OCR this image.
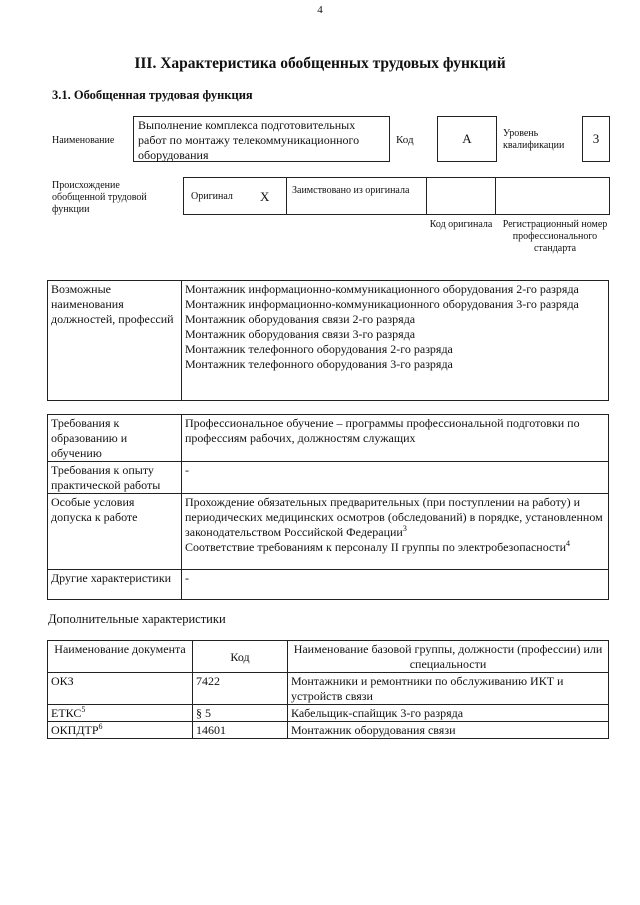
4
III. Характеристика обобщенных трудовых функций
3.1. Обобщенная трудовая функция
Наименование
Выполнение комплекса подготовительных работ по монтажу телекоммуникационного оборудования
Код	А	Уровень квалификации	3
Происхождение обобщенной трудовой функции
Оригинал Х Заимствовано из оригинала
Код оригинала Регистрационный номер профессионального стандарта
Возможные наименования должностей, профессий	
Монтажник информационно-коммуникационного оборудования 2-го разряда
Монтажник информационно-коммуникационного оборудования 3-го разряда
Монтажник оборудования связи 2-го разряда
Монтажник оборудования связи 3-го разряда
Монтажник телефонного оборудования 2-го разряда
Монтажник телефонного оборудования 3-го разряда
Требования к образованию и обучению	Профессиональное обучение – программы профессиональной подготовки по профессиям рабочих, должностям служащих
Требования к опыту практической работы	-
Особые условия допуска к работе	Прохождение обязательных предварительных (при поступлении на работу) и периодических медицинских осмотров (обследований) в порядке, установленном законодательством Российской Федерации$^3$
Соответствие требованиям к персоналу II группы по электробезопасности$^4$

Другие характеристики	-
Дополнительные характеристики
Наименование документа	Код	Наименование базовой группы, должности (профессии) или специальности
ОКЗ	7422	Монтажники и ремонтники по обслуживанию ИКТ и устройств связи
ЕТКС$^5$	§ 5	Кабельщик-спайщик 3-го разряда
ОКПДТР$^6$	14601	Монтажник оборудования связи
